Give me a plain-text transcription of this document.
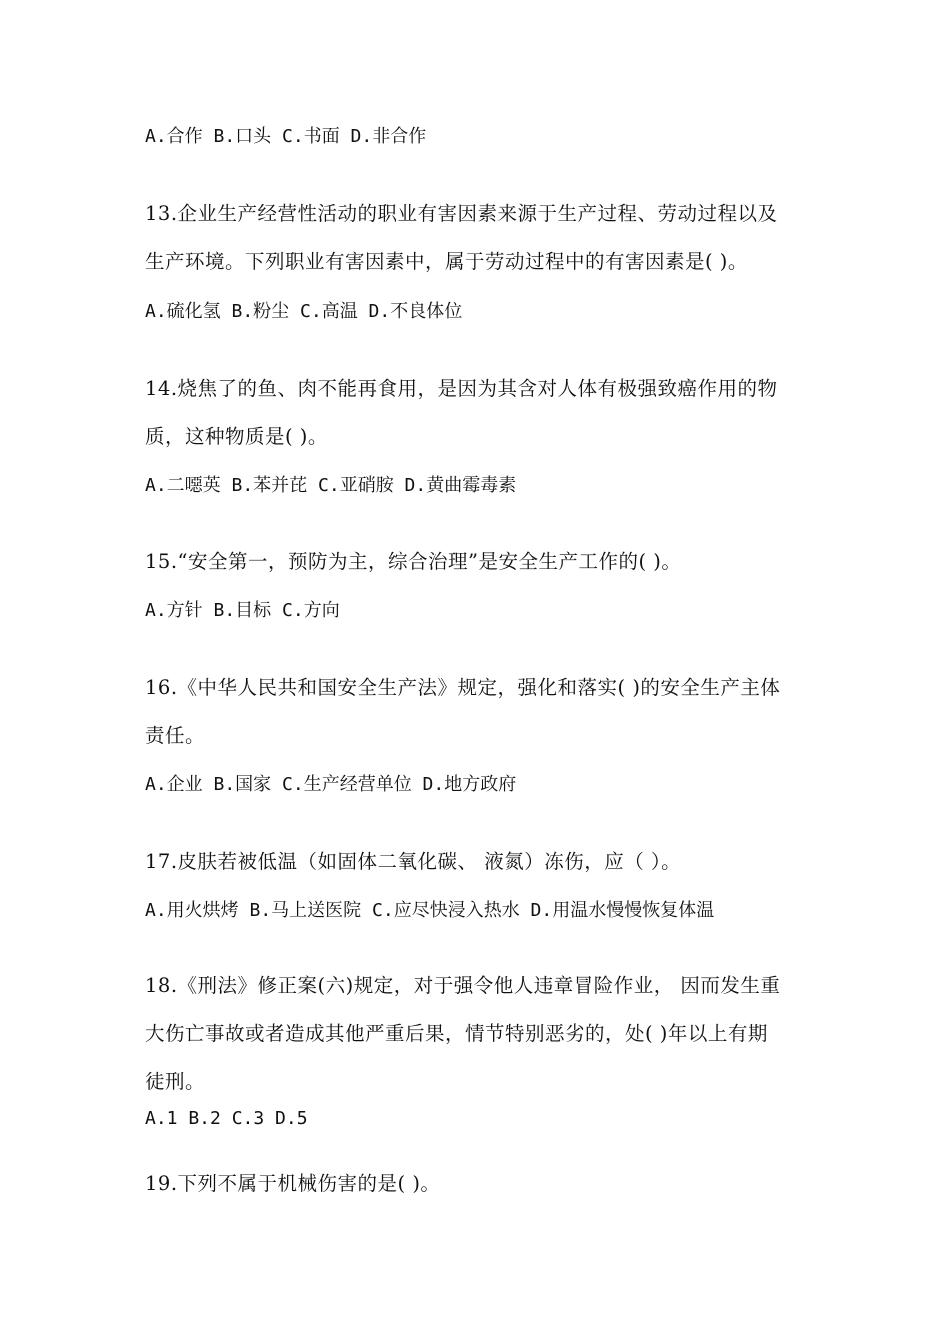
A.合作 B.口头 C.书面 D.非合作
13.企业生产经营性活动的职业有害因素来源于生产过程、劳动过程以及
生产环境。下列职业有害因素中，属于劳动过程中的有害因素是( )。
A.硫化氢 B.粉尘 C.高温 D.不良体位
14.烧焦了的鱼、肉不能再食用，是因为其含对人体有极强致癌作用的物
质，这种物质是( )。
A.二噁英 B.苯并芘 C.亚硝胺 D.黄曲霉毒素
15.“安全第一，预防为主，综合治理”是安全生产工作的( )。
A.方针 B.目标 C.方向
16.《中华人民共和国安全生产法》规定，强化和落实( )的安全生产主体
责任。
A.企业 B.国家 C.生产经营单位 D.地方政府
17.皮肤若被低温（如固体二氧化碳、 液氮）冻伤，应（ ）。
A.用火烘烤 B.马上送医院 C.应尽快浸入热水 D.用温水慢慢恢复体温
18.《刑法》修正案(六)规定，对于强令他人违章冒险作业， 因而发生重
大伤亡事故或者造成其他严重后果，情节特别恶劣的，处( )年以上有期
徒刑。
A.1 B.2 C.3 D.5
19.下列不属于机械伤害的是( )。
